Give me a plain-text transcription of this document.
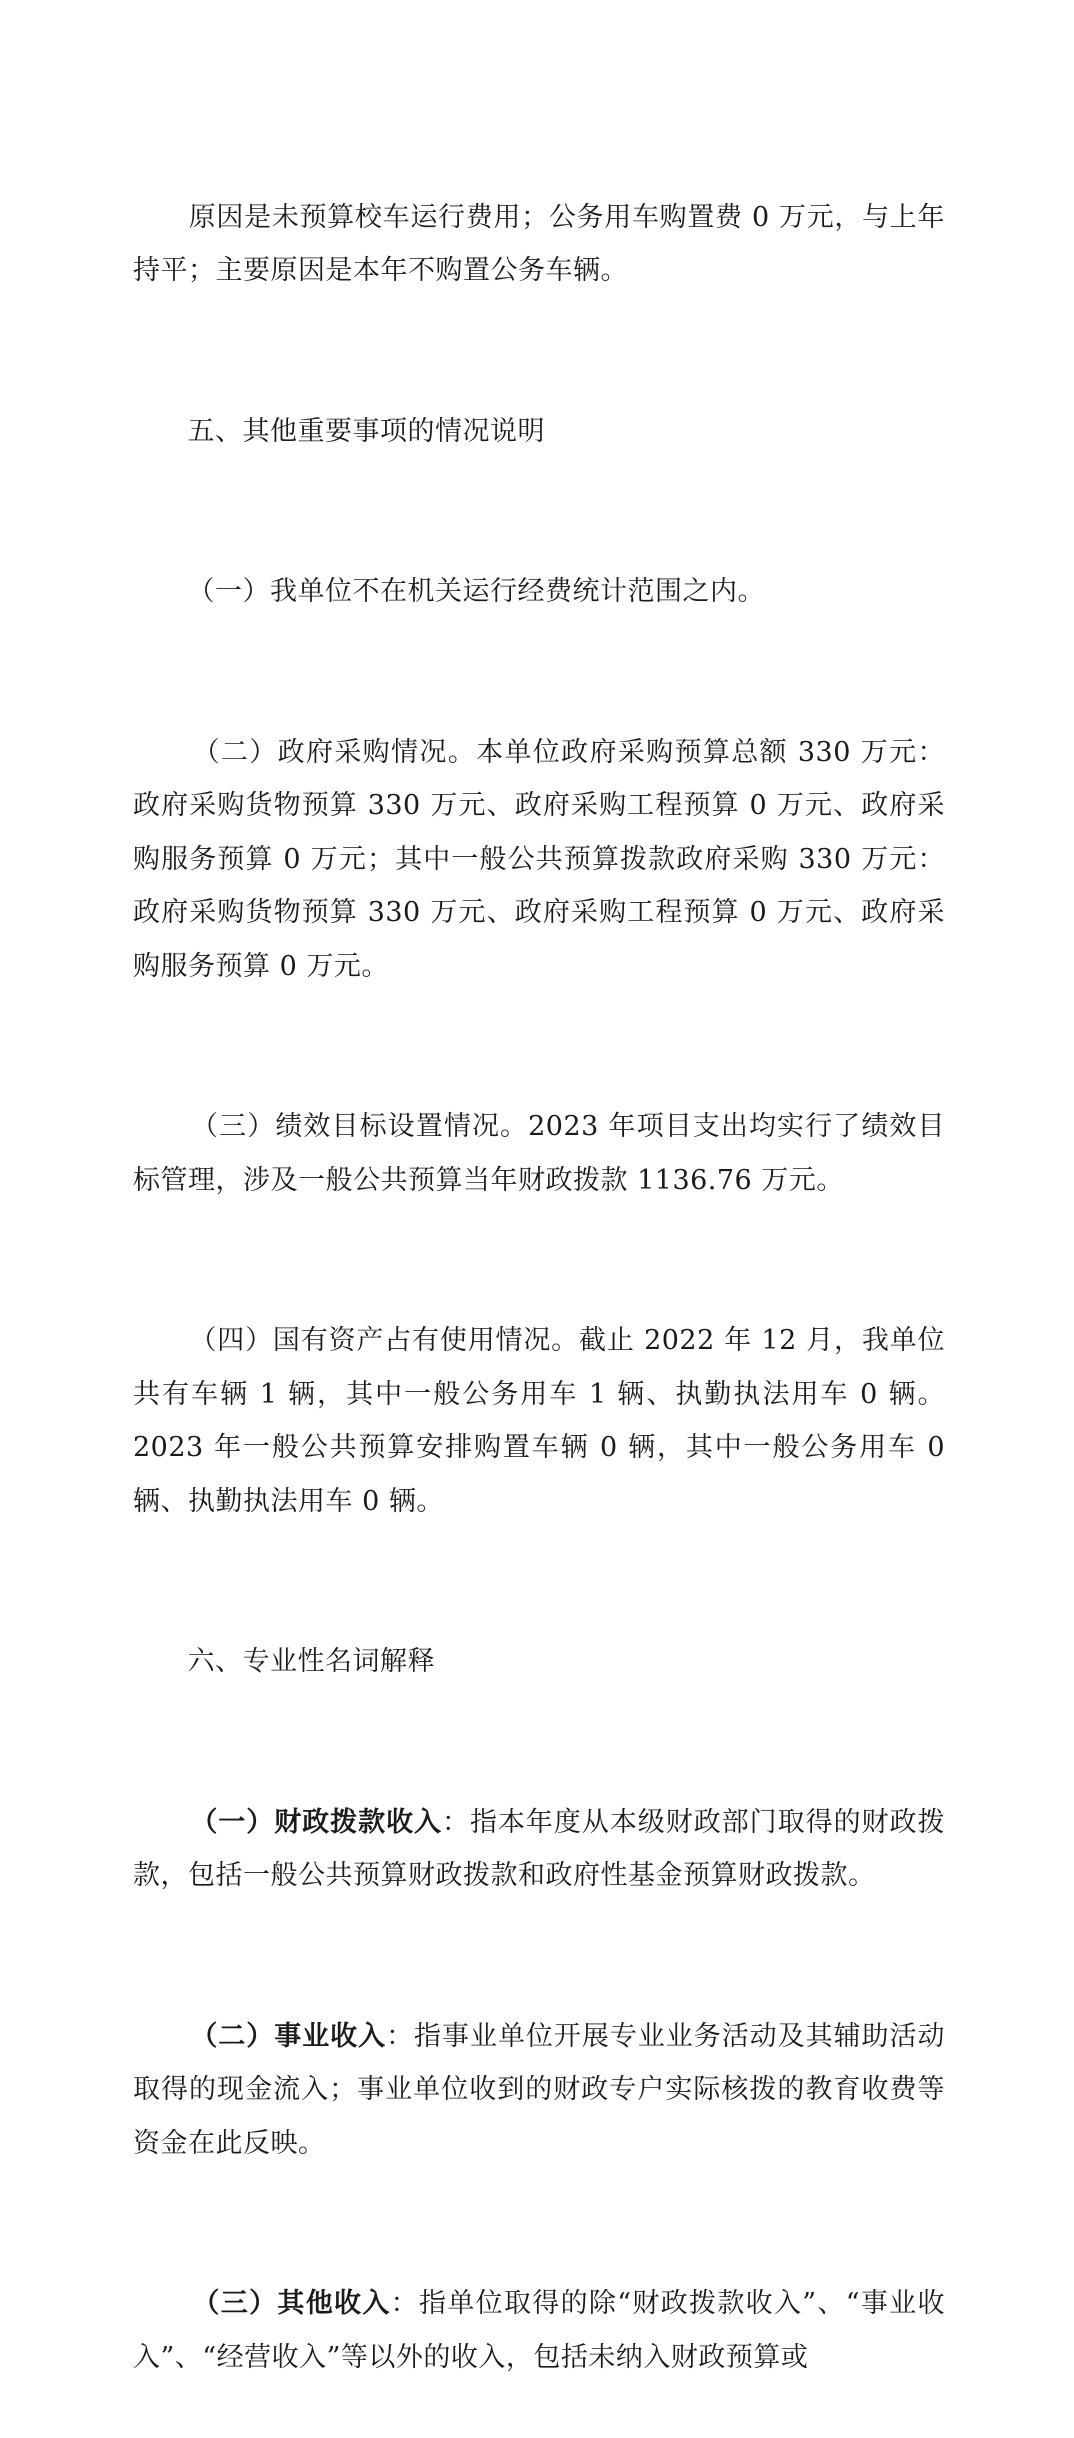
原因是未预算校车运行费用；公务用车购置费 0 万元，与上年持平；主要原因是本年不购置公务车辆。

五、其他重要事项的情况说明

（一）我单位不在机关运行经费统计范围之内。

（二）政府采购情况。本单位政府采购预算总额 330 万元：政府采购货物预算 330 万元、政府采购工程预算 0 万元、政府采购服务预算 0 万元；其中一般公共预算拨款政府采购 330 万元：政府采购货物预算 330 万元、政府采购工程预算 0 万元、政府采购服务预算 0 万元。

（三）绩效目标设置情况。2023 年项目支出均实行了绩效目标管理，涉及一般公共预算当年财政拨款 1136.76 万元。

（四）国有资产占有使用情况。截止 2022 年 12 月，我单位共有车辆 1 辆，其中一般公务用车 1 辆、执勤执法用车 0 辆。2023 年一般公共预算安排购置车辆 0 辆，其中一般公务用车 0 辆、执勤执法用车 0 辆。

六、专业性名词解释

（一）财政拨款收入：指本年度从本级财政部门取得的财政拨款，包括一般公共预算财政拨款和政府性基金预算财政拨款。

（二）事业收入：指事业单位开展专业业务活动及其辅助活动取得的现金流入；事业单位收到的财政专户实际核拨的教育收费等资金在此反映。

（三）其他收入：指单位取得的除“财政拨款收入”、“事业收入”、“经营收入”等以外的收入，包括未纳入财政预算或
